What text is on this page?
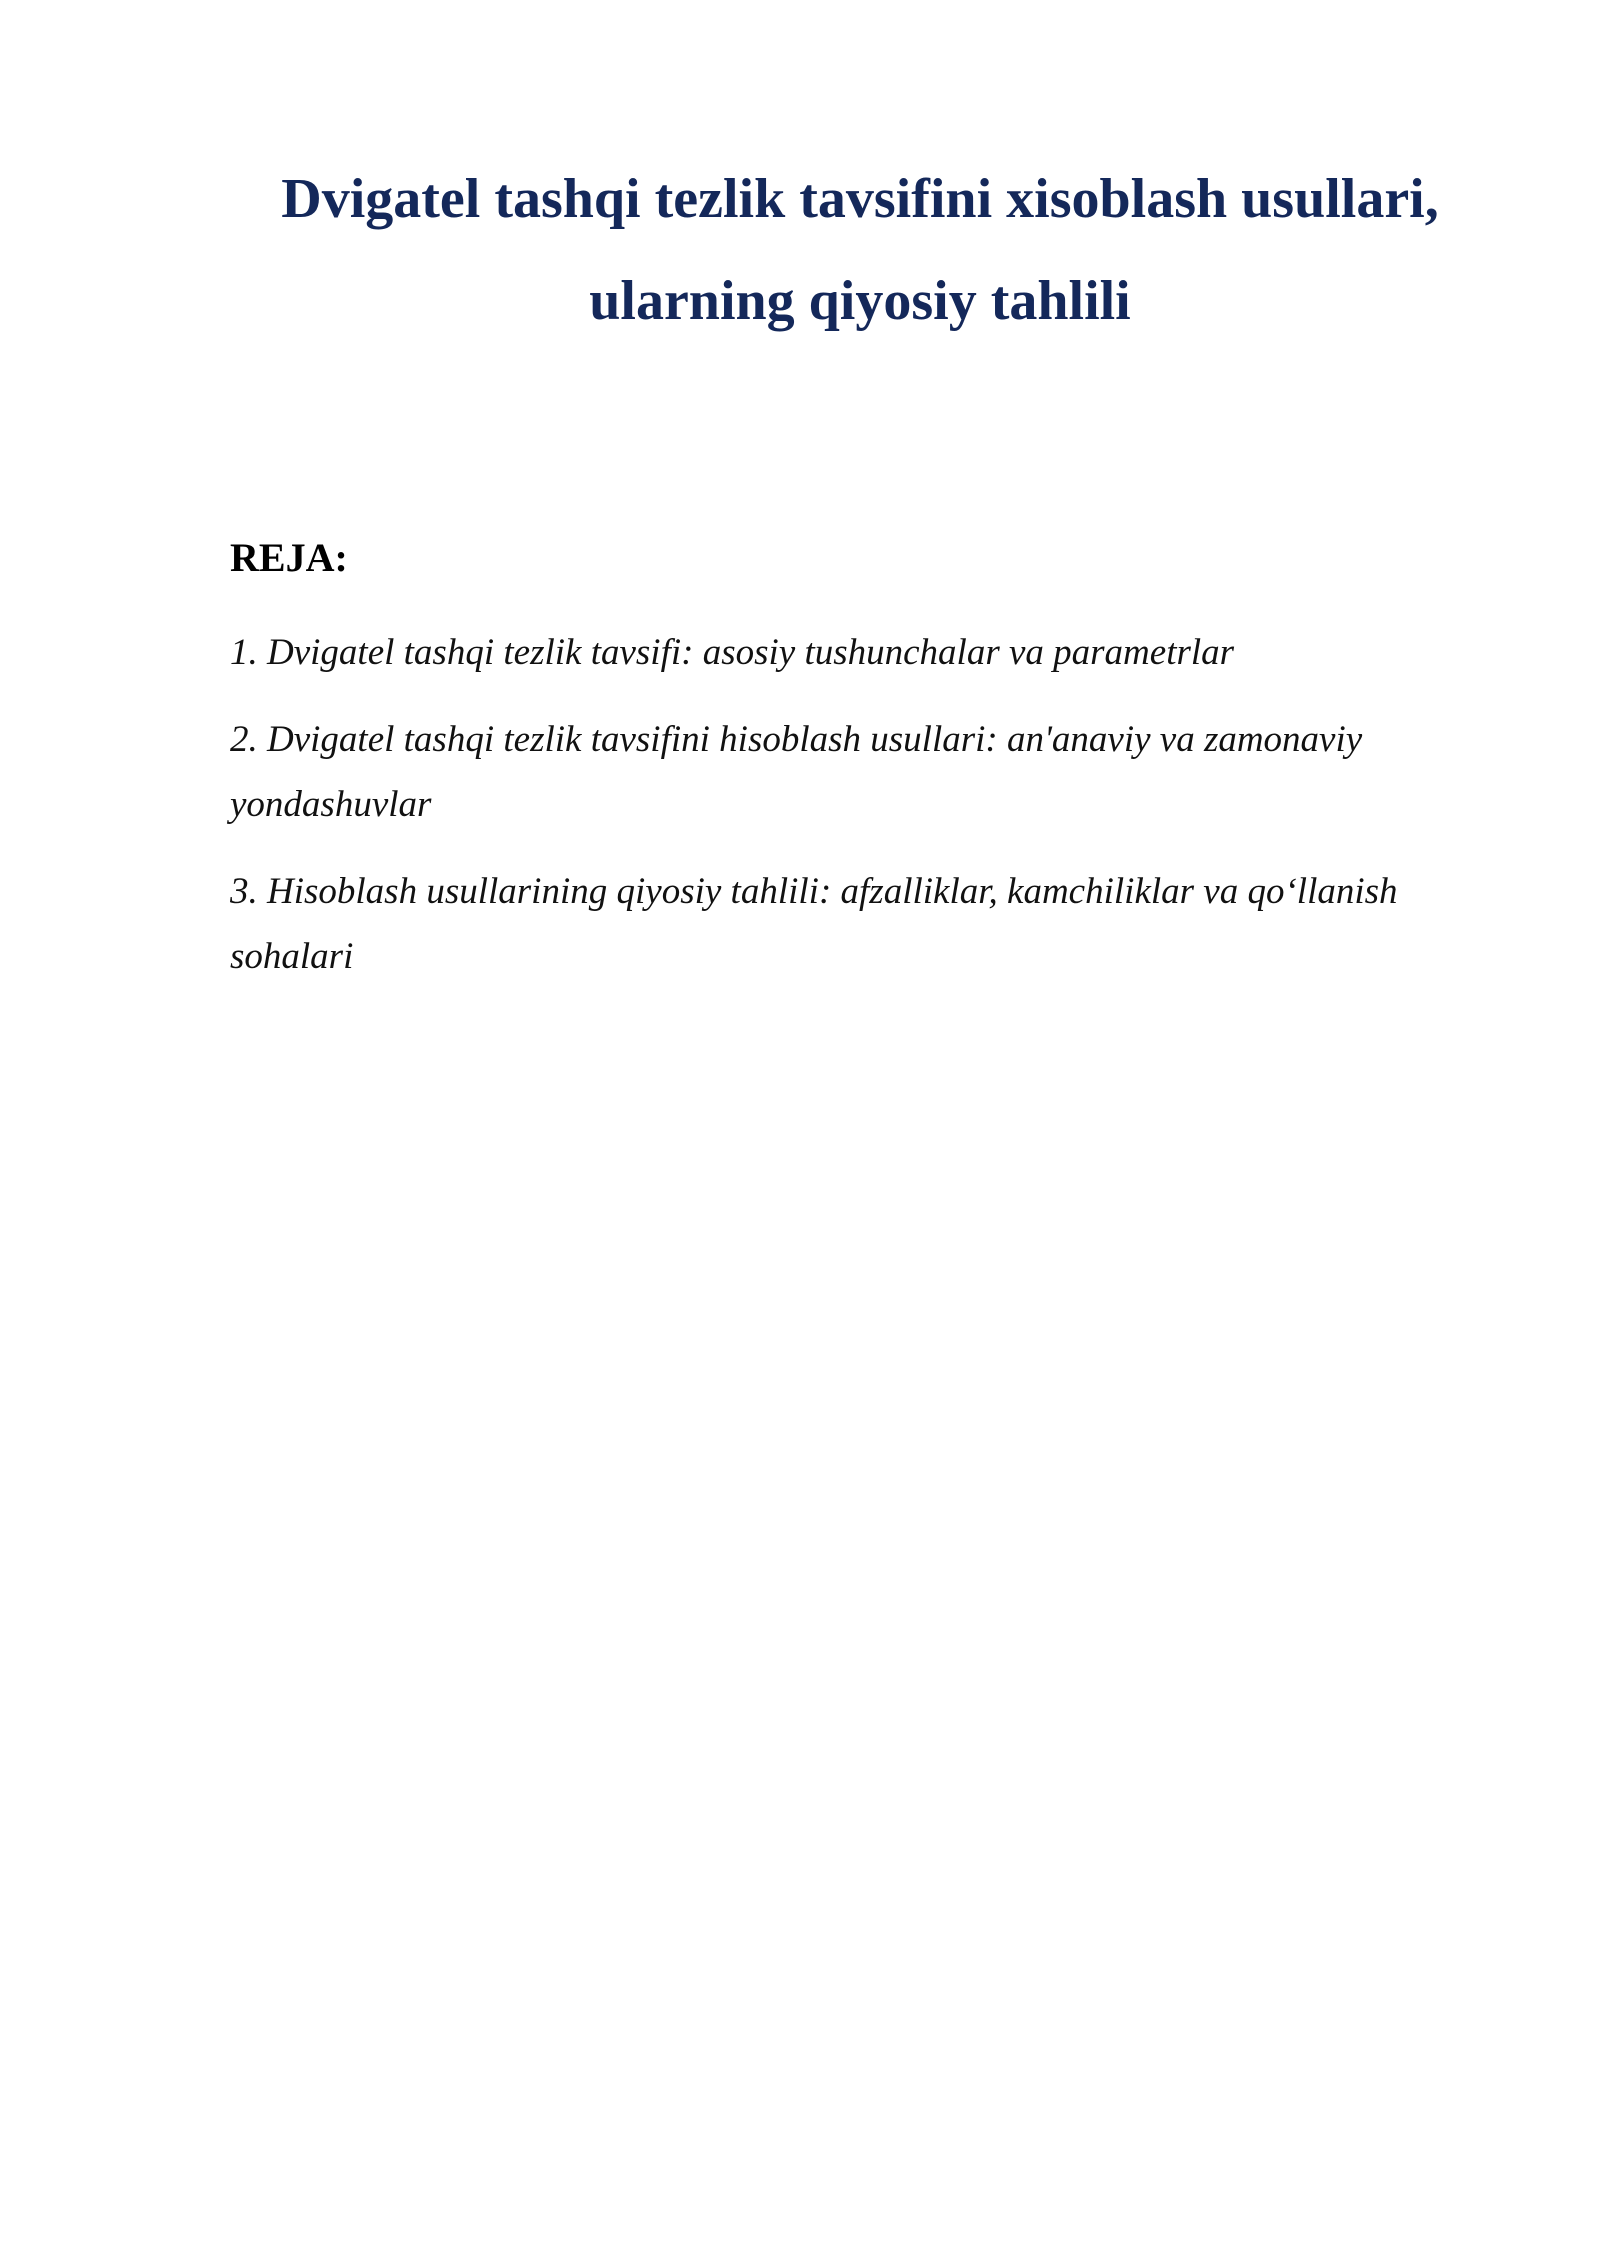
Dvigatel tashqi tezlik tavsifini xisoblash usullari,
ularning qiyosiy tahlili
REJA:
1. Dvigatel tashqi tezlik tavsifi: asosiy tushunchalar va parametrlar
2. Dvigatel tashqi tezlik tavsifini hisoblash usullari: an'anaviy va zamonaviy yondashuvlar
3. Hisoblash usullarining qiyosiy tahlili: afzalliklar, kamchiliklar va qo‘llanish sohalari
